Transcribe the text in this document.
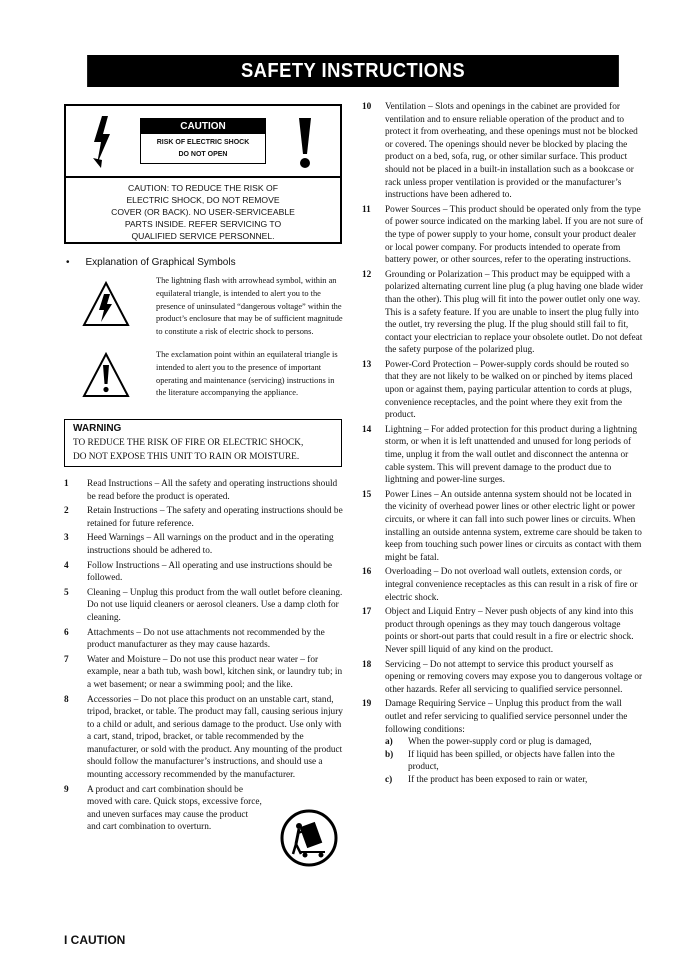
SAFETY INSTRUCTIONS
CAUTION
RISK OF ELECTRIC SHOCK
DO NOT OPEN
CAUTION: TO REDUCE THE RISK OF
ELECTRIC SHOCK, DO NOT REMOVE
COVER (OR BACK). NO USER-SERVICEABLE
PARTS INSIDE. REFER SERVICING TO
QUALIFIED SERVICE PERSONNEL.
• Explanation of Graphical Symbols
The lightning flash with arrowhead symbol, within an equilateral triangle, is intended to alert you to the presence of uninsulated “dangerous voltage” within the product’s enclosure that may be of sufficient magnitude to constitute a risk of electric shock to persons.
The exclamation point within an equilateral triangle is intended to alert you to the presence of important operating and maintenance (servicing) instructions in the literature accompanying the appliance.
WARNING
TO REDUCE THE RISK OF FIRE OR ELECTRIC SHOCK,
DO NOT EXPOSE THIS UNIT TO RAIN OR MOISTURE.
1	Read Instructions – All the safety and operating instructions should be read before the product is operated.
2	Retain Instructions – The safety and operating instructions should be retained for future reference.
3	Heed Warnings – All warnings on the product and in the operating instructions should be adhered to.
4	Follow Instructions – All operating and use instructions should be followed.
5	Cleaning – Unplug this product from the wall outlet before cleaning. Do not use liquid cleaners or aerosol cleaners. Use a damp cloth for cleaning.
6	Attachments – Do not use attachments not recommended by the product manufacturer as they may cause hazards.
7	Water and Moisture – Do not use this product near water – for example, near a bath tub, wash bowl, kitchen sink, or laundry tub; in a wet basement; or near a swimming pool; and the like.
8	Accessories – Do not place this product on an unstable cart, stand, tripod, bracket, or table. The product may fall, causing serious injury to a child or adult, and serious damage to the product. Use only with a cart, stand, tripod, bracket, or table recommended by the manufacturer, or sold with the product. Any mounting of the product should follow the manufacturer’s instructions, and should use a mounting accessory recommended by the manufacturer.
9	A product and cart combination should be moved with care. Quick stops, excessive force, and uneven surfaces may cause the product and cart combination to overturn.
10	Ventilation – Slots and openings in the cabinet are provided for ventilation and to ensure reliable operation of the product and to protect it from overheating, and these openings must not be blocked or covered. The openings should never be blocked by placing the product on a bed, sofa, rug, or other similar surface. This product should not be placed in a built-in installation such as a bookcase or rack unless proper ventilation is provided or the manufacturer’s instructions have been adhered to.
11	Power Sources – This product should be operated only from the type of power source indicated on the marking label. If you are not sure of the type of power supply to your home, consult your product dealer or local power company. For products intended to operate from battery power, or other sources, refer to the operating instructions.
12	Grounding or Polarization – This product may be equipped with a polarized alternating current line plug (a plug having one blade wider than the other). This plug will fit into the power outlet only one way. This is a safety feature. If you are unable to insert the plug fully into the outlet, try reversing the plug. If the plug should still fail to fit, contact your electrician to replace your obsolete outlet. Do not defeat the safety purpose of the polarized plug.
13	Power-Cord Protection – Power-supply cords should be routed so that they are not likely to be walked on or pinched by items placed upon or against them, paying particular attention to cords at plugs, convenience receptacles, and the point where they exit from the product.
14	Lightning – For added protection for this product during a lightning storm, or when it is left unattended and unused for long periods of time, unplug it from the wall outlet and disconnect the antenna or cable system. This will prevent damage to the product due to lightning and power-line surges.
15	Power Lines – An outside antenna system should not be located in the vicinity of overhead power lines or other electric light or power circuits, or where it can fall into such power lines or circuits. When installing an outside antenna system, extreme care should be taken to keep from touching such power lines or circuits as contact with them might be fatal.
16	Overloading – Do not overload wall outlets, extension cords, or integral convenience receptacles as this can result in a risk of fire or electric shock.
17	Object and Liquid Entry – Never push objects of any kind into this product through openings as they may touch dangerous voltage points or short-out parts that could result in a fire or electric shock. Never spill liquid of any kind on the product.
18	Servicing – Do not attempt to service this product yourself as opening or removing covers may expose you to dangerous voltage or other hazards. Refer all servicing to qualified service personnel.
19	Damage Requiring Service – Unplug this product from the wall outlet and refer servicing to qualified service personnel under the following conditions:
a)	When the power-supply cord or plug is damaged,
b)	If liquid has been spilled, or objects have fallen into the product,
c)	If the product has been exposed to rain or water,
I CAUTION
